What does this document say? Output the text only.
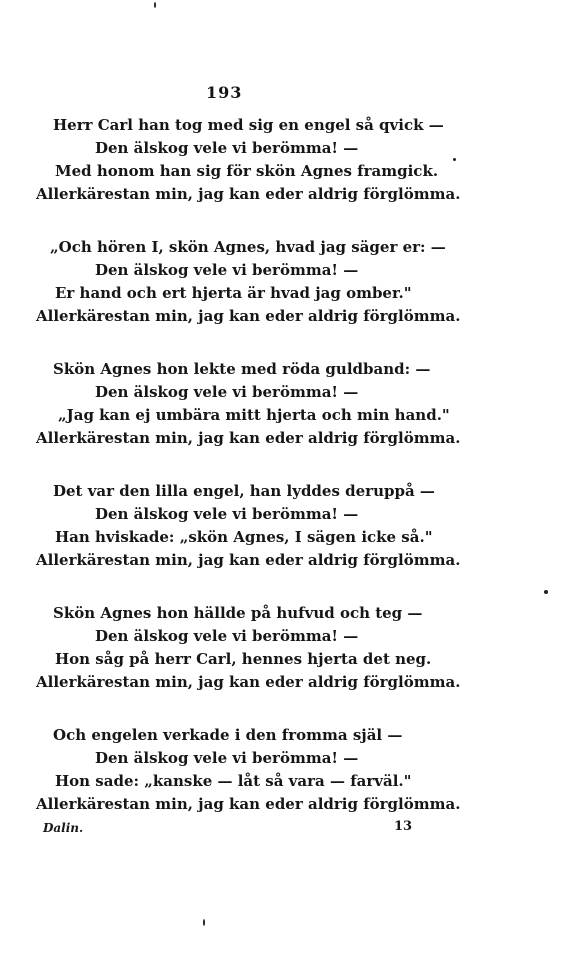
193
Herr Carl han tog med sig en engel så qvick —
Den älskog vele vi berömma! —
Med honom han sig för skön Agnes framgick.
Allerkärestan min, jag kan eder aldrig förglömma.
„Och hören I, skön Agnes, hvad jag säger er: —
Den älskog vele vi berömma! —
Er hand och ert hjerta är hvad jag omber."
Allerkärestan min, jag kan eder aldrig förglömma.
Skön Agnes hon lekte med röda guldband: —
Den älskog vele vi berömma! —
„Jag kan ej umbära mitt hjerta och min hand."
Allerkärestan min, jag kan eder aldrig förglömma.
Det var den lilla engel, han lyddes deruppå —
Den älskog vele vi berömma! —
Han hviskade: „skön Agnes, I sägen icke så."
Allerkärestan min, jag kan eder aldrig förglömma.
Skön Agnes hon hällde på hufvud och teg —
Den älskog vele vi berömma! —
Hon såg på herr Carl, hennes hjerta det neg.
Allerkärestan min, jag kan eder aldrig förglömma.
Och engelen verkade i den fromma själ —
Den älskog vele vi berömma! —
Hon sade: „kanske — låt så vara — farväl."
Allerkärestan min, jag kan eder aldrig förglömma.
Dalin.	13
